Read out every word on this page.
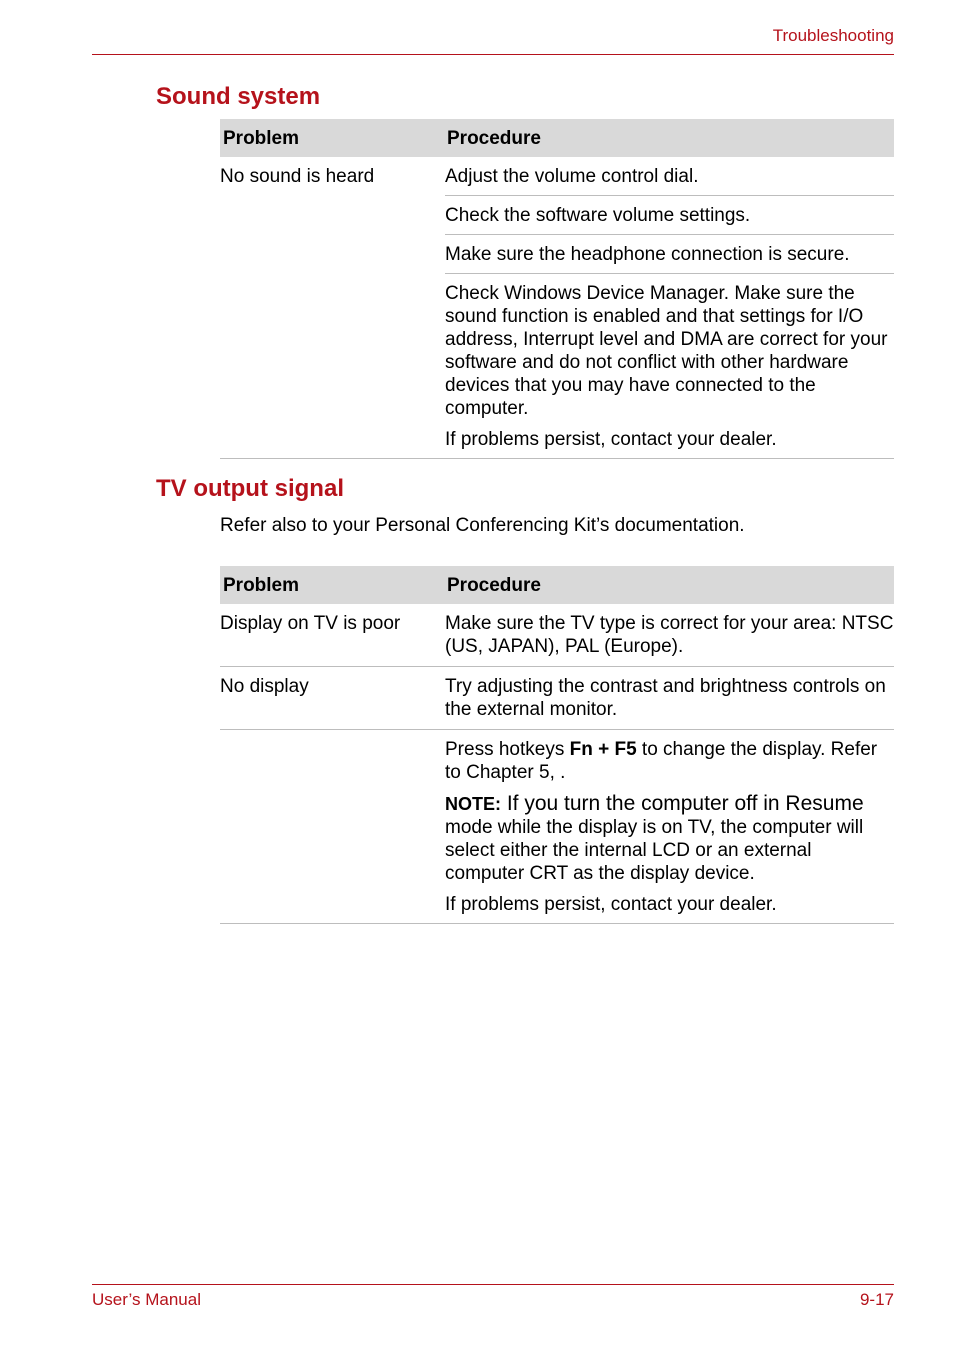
Troubleshooting
Sound system
Problem	Procedure
No sound is heard	Adjust the volume control dial.
Check the software volume settings.
Make sure the headphone connection is secure.

Check Windows Device Manager. Make sure the sound function is enabled and that settings for I/O address, Interrupt level and DMA are correct for your software and do not conflict with other hardware devices that you may have connected to the computer.

If problems persist, contact your dealer.

TV output signal
Refer also to your Personal Conferencing Kit’s documentation.
Problem	Procedure
Display on TV is poor	Make sure the TV type is correct for your area: NTSC (US, JAPAN), PAL (Europe).
No display	Try adjusting the contrast and brightness controls on the external monitor.

Press hotkeys Fn + F5 to change the display. Refer to Chapter 5, .

NOTE: If you turn the computer off in Resume mode while the display is on TV, the computer will select either the internal LCD or an external computer CRT as the display device.

If problems persist, contact your dealer.

User’s Manual	9-17
